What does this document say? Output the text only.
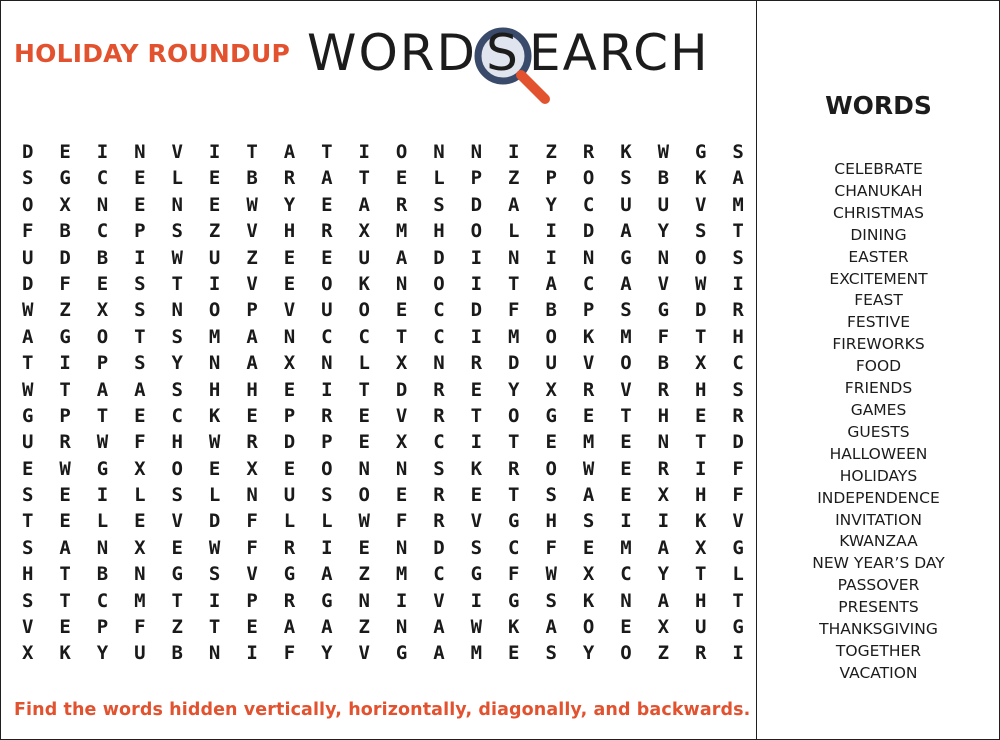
HOLIDAY ROUNDUP WORD S EARCH
D	E	I	N	V	I	T	A	T	I	O	N	N	I	Z	R	K	W	G	S
S	G	C	E	L	E	B	R	A	T	E	L	P	Z	P	O	S	B	K	A
O	X	N	E	N	E	W	Y	E	A	R	S	D	A	Y	C	U	U	V	M
F	B	C	P	S	Z	V	H	R	X	M	H	O	L	I	D	A	Y	S	T
U	D	B	I	W	U	Z	E	E	U	A	D	I	N	I	N	G	N	O	S
D	F	E	S	T	I	V	E	O	K	N	O	I	T	A	C	A	V	W	I
W	Z	X	S	N	O	P	V	U	O	E	C	D	F	B	P	S	G	D	R
A	G	O	T	S	M	A	N	C	C	T	C	I	M	O	K	M	F	T	H
T	I	P	S	Y	N	A	X	N	L	X	N	R	D	U	V	O	B	X	C
W	T	A	A	S	H	H	E	I	T	D	R	E	Y	X	R	V	R	H	S
G	P	T	E	C	K	E	P	R	E	V	R	T	O	G	E	T	H	E	R
U	R	W	F	H	W	R	D	P	E	X	C	I	T	E	M	E	N	T	D
E	W	G	X	O	E	X	E	O	N	N	S	K	R	O	W	E	R	I	F
S	E	I	L	S	L	N	U	S	O	E	R	E	T	S	A	E	X	H	F
T	E	L	E	V	D	F	L	L	W	F	R	V	G	H	S	I	I	K	V
S	A	N	X	E	W	F	R	I	E	N	D	S	C	F	E	M	A	X	G
H	T	B	N	G	S	V	G	A	Z	M	C	G	F	W	X	C	Y	T	L
S	T	C	M	T	I	P	R	G	N	I	V	I	G	S	K	N	A	H	T
V	E	P	F	Z	T	E	A	A	Z	N	A	W	K	A	O	E	X	U	G
X	K	Y	U	B	N	I	F	Y	V	G	A	M	E	S	Y	O	Z	R	I
Find the words hidden vertically, horizontally, diagonally, and backwards.
WORDS
CELEBRATE
CHANUKAH
CHRISTMAS
DINING
EASTER
EXCITEMENT
FEAST
FESTIVE
FIREWORKS
FOOD
FRIENDS
GAMES
GUESTS
HALLOWEEN
HOLIDAYS
INDEPENDENCE
INVITATION
KWANZAA
NEW YEAR’S DAY
PASSOVER
PRESENTS
THANKSGIVING
TOGETHER
VACATION
